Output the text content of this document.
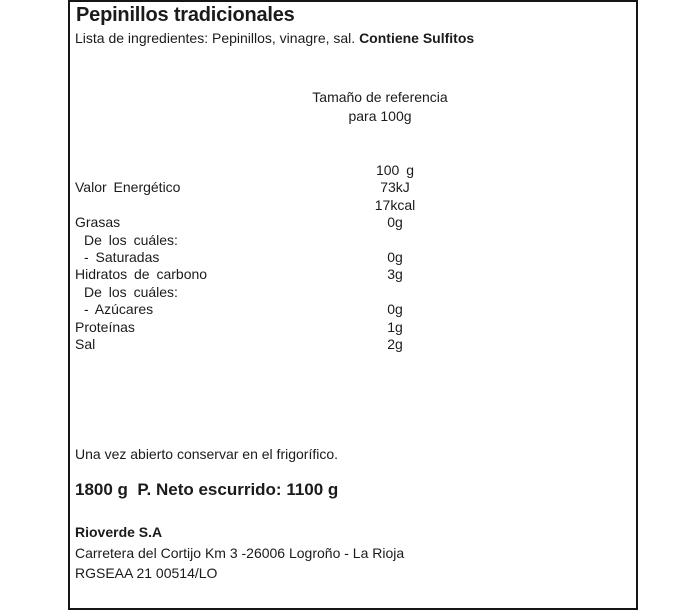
Pepinillos tradicionales
Lista de ingredientes: Pepinillos, vinagre, sal. Contiene Sulfitos
Tamaño de referencia
para 100g
100 g
Valor Energético	73kJ
17kcal
Grasas	0g
De los cuáles:
- Saturadas	0g
Hidratos de carbono	3g
De los cuáles:
- Azúcares	0g
Proteínas	1g
Sal	2g
Una vez abierto conservar en el frigorífico.
1800 g  P. Neto escurrido: 1100 g
Rioverde S.A
Carretera del Cortijo Km 3 -26006 Logroño - La Rioja
RGSEAA 21 00514/LO
